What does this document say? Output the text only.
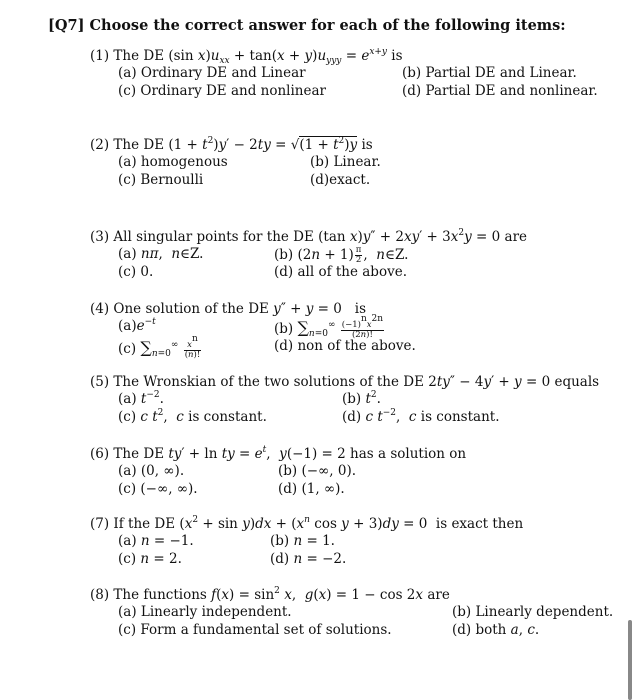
[Q7] Choose the correct answer for each of the following items:
(1) The DE (sin $x)u_{xx} + \tan(x + y)u_{yyy} = e^{x+y}$ is
(a) Ordinary DE and Linear	(b) Partial DE and Linear.
(c) Ordinary DE and nonlinear	(d) Partial DE and nonlinear.
(2) The DE $(1 + t^2)y' - 2ty = √(1 + t^2)y$ is
(a) homogenous	(b) Linear.
(c) Bernoulli	(d)exact.
(3) All singular points for the DE (tan $x)y'' + 2xy' + 3x^2y = 0$ are
(a) nπ,  n∈Z.	(b) $(2n + 1) \frac{\pi}{2}$ ,  n∈Z.
(c) 0.	(d) all of the above.
(4) One solution of the DE y″ + y = 0   is
$(a)e^{-t}$	(b) $\sum_{n=0}^\infty \frac{(-1)^nx^{2n}}{(2n)!}$
(c) $\sum_{n=0}^\infty \frac{x^n}{(n)!}$	(d) non of the above.
(5) The Wronskian of the two solutions of the DE 2ty″ − 4y′ + y = 0 equals
(a) $t^{-2}$.	(b) $t^2$.
(c) c $t^2$,  c is constant.	(d) c $t^{-2}$,  c is constant.
(6) The DE ty′ + ln ty = $e^t$,  y(−1) = 2 has a solution on
(a) (0, ∞).	(b) (−∞, 0).
(c) (−∞, ∞).	(d) (1, ∞).
(7) If the DE $(x^2 + \sin y)dx + (x^n$ cos y + 3)dy = 0  is exact then
(a) n = −1.	(b) n = 1.
(c) n = 2.	(d) n = −2.
(8) The functions $f(x) = \sin^2 x$,  g(x) = 1 − cos 2x are
(a) Linearly independent.	(b) Linearly dependent.
(c) Form a fundamental set of solutions.	(d) both a, c.
